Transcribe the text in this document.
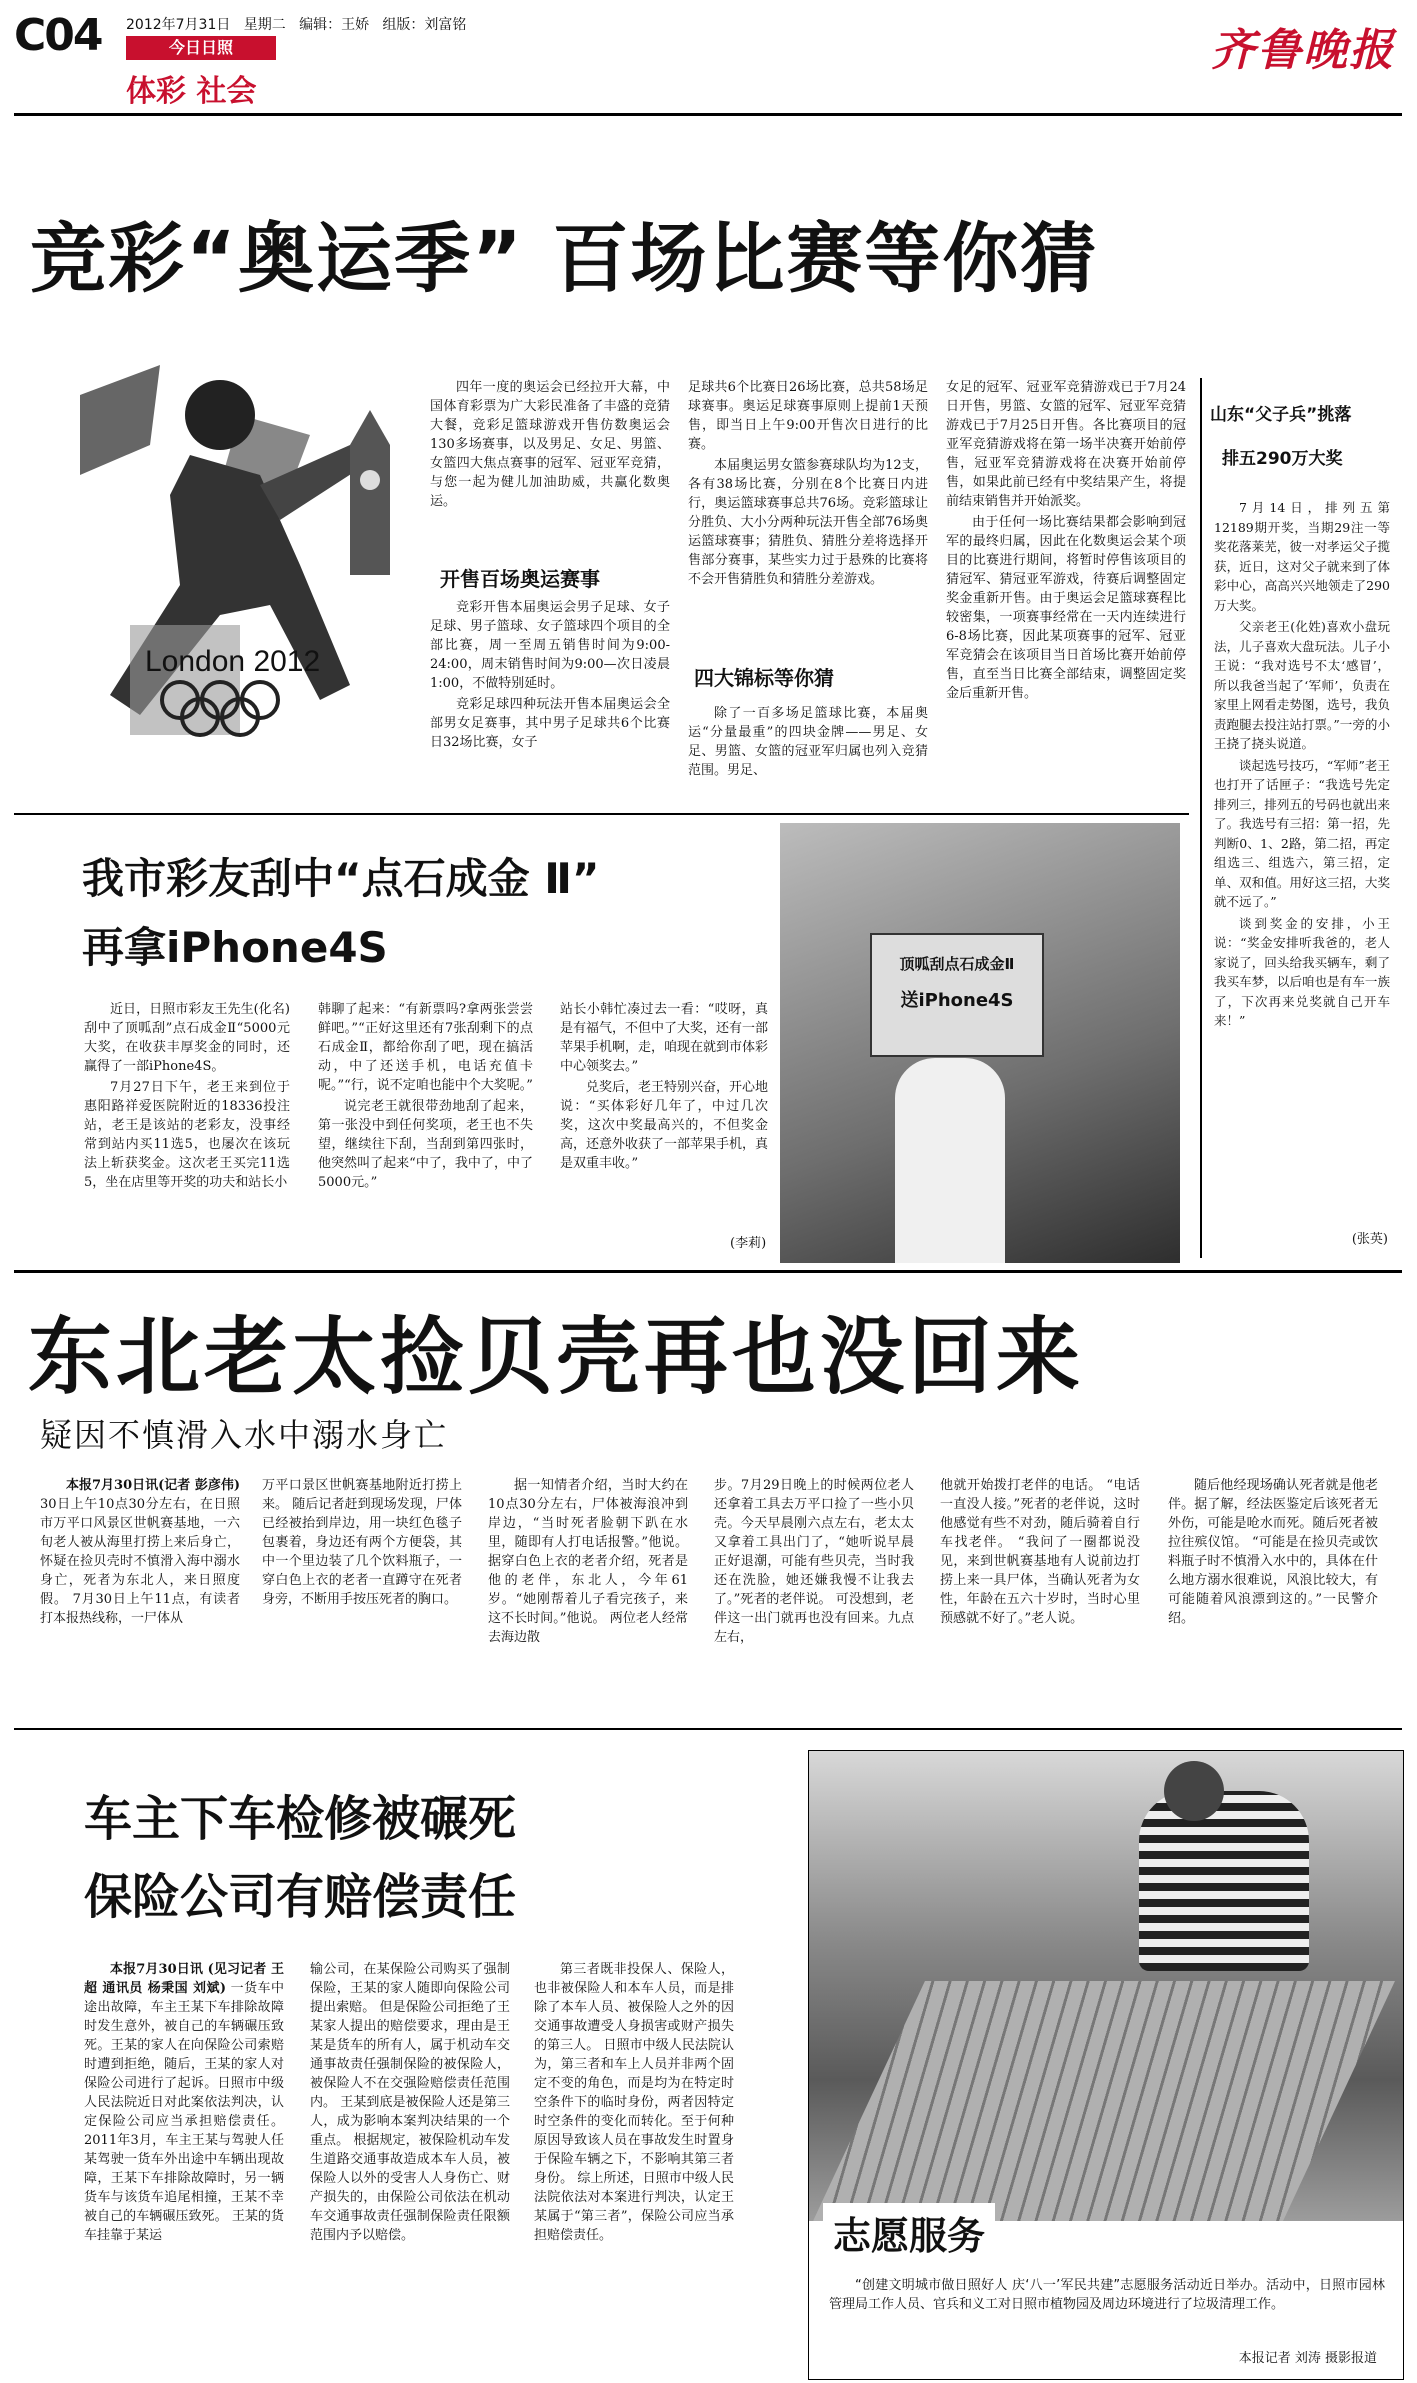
C04 2012年7月31日 星期二 编辑：王娇 组版：刘富铭
今日日照
体彩 社会
齐鲁晚报
竞彩“奥运季” 百场比赛等你猜
London 2012

四年一度的奥运会已经拉开大幕，中国体育彩票为广大彩民准备了丰盛的竞猜大餐，竞彩足篮球游戏开售仿数奥运会130多场赛事，以及男足、女足、男篮、女篮四大焦点赛事的冠军、冠亚军竞猜，与您一起为健儿加油助威，共赢化数奥运。

开售百场奥运赛事

竞彩开售本届奥运会男子足球、女子足球、男子篮球、女子篮球四个项目的全部比赛，周一至周五销售时间为9:00-24:00，周末销售时间为9:00—次日凌晨1:00，不做特别延时。

竞彩足球四种玩法开售本届奥运会全部男女足赛事，其中男子足球共6个比赛日32场比赛，女子

足球共6个比赛日26场比赛，总共58场足球赛事。奥运足球赛事原则上提前1天预售，即当日上午9:00开售次日进行的比赛。

本届奥运男女篮参赛球队均为12支，各有38场比赛，分别在8个比赛日内进行，奥运篮球赛事总共76场。竞彩篮球让分胜负、大小分两种玩法开售全部76场奥运篮球赛事；猜胜负、猜胜分差将选择开售部分赛事，某些实力过于悬殊的比赛将不会开售猜胜负和猜胜分差游戏。

四大锦标等你猜

除了一百多场足篮球比赛，本届奥运“分量最重”的四块金牌——男足、女足、男篮、女篮的冠亚军归属也列入竞猜范围。男足、

女足的冠军、冠亚军竞猜游戏已于7月24日开售，男篮、女篮的冠军、冠亚军竞猜游戏已于7月25日开售。各比赛项目的冠亚军竞猜游戏将在第一场半决赛开始前停售，冠亚军竞猜游戏将在决赛开始前停售，如果此前已经有中奖结果产生，将提前结束销售并开始派奖。

由于任何一场比赛结果都会影响到冠军的最终归属，因此在化数奥运会某个项目的比赛进行期间，将暂时停售该项目的猜冠军、猜冠亚军游戏，待赛后调整固定奖金重新开售。由于奥运会足篮球赛程比较密集，一项赛事经常在一天内连续进行6-8场比赛，因此某项赛事的冠军、冠亚军竞猜会在该项目当日首场比赛开始前停售，直至当日比赛全部结束，调整固定奖金后重新开售。

山东“父子兵”挑落
排五290万大奖

7月14日，排列五第12189期开奖，当期29注一等奖花落莱芜，彼一对孝运父子揽获，近日，这对父子就来到了体彩中心，高高兴兴地领走了290万大奖。

父亲老王(化姓)喜欢小盘玩法，儿子喜欢大盘玩法。儿子小王说：“我对选号不太‘感冒’，所以我爸当起了‘军师’，负责在家里上网看走势图，选号，我负责跑腿去投注站打票。”一旁的小王挠了挠头说道。

谈起选号技巧，“军师”老王也打开了话匣子：“我选号先定排列三，排列五的号码也就出来了。我选号有三招：第一招，先判断0、1、2路，第二招，再定组选三、组选六，第三招，定单、双和值。用好这三招，大奖就不远了。”

谈到奖金的安排，小王说：“奖金安排听我爸的，老人家说了，回头给我买辆车，剩了我买车梦，以后咱也是有车一族了，下次再来兑奖就自己开车来！”

(张英)
我市彩友刮中“点石成金 Ⅱ”
再拿iPhone4S	顶呱刮点石成金Ⅱ
送iPhone4S

近日，日照市彩友王先生(化名)刮中了顶呱刮”点石成金Ⅱ“5000元大奖，在收获丰厚奖金的同时，还赢得了一部iPhone4S。

7月27日下午，老王来到位于惠阳路祥爱医院附近的18336投注站，老王是该站的老彩友，没事经常到站内买11选5，也屡次在该玩法上斩获奖金。这次老王买完11选5，坐在店里等开奖的功夫和站长小

韩聊了起来：“有新票吗?拿两张尝尝鲜吧。”“正好这里还有7张刮剩下的点石成金Ⅱ，都给你刮了吧，现在搞活动，中了还送手机，电话充值卡呢。”“行，说不定咱也能中个大奖呢。”

说完老王就很带劲地刮了起来，第一张没中到任何奖项，老王也不失望，继续往下刮，当刮到第四张时，他突然叫了起来“中了，我中了，中了5000元。”

站长小韩忙凑过去一看：“哎呀，真是有福气，不但中了大奖，还有一部苹果手机啊，走，咱现在就到市体彩中心领奖去。”

兑奖后，老王特别兴奋，开心地说：“买体彩好几年了，中过几次奖，这次中奖最高兴的，不但奖金高，还意外收获了一部苹果手机，真是双重丰收。”

(李莉)
东北老太捡贝壳再也没回来
疑因不慎滑入水中溺水身亡

本报7月30日讯(记者 彭彦伟) 30日上午10点30分左右，在日照市万平口风景区世帆赛基地，一六旬老人被从海里打捞上来后身亡，怀疑在捡贝壳时不慎滑入海中溺水身亡，死者为东北人，来日照度假。 7月30日上午11点，有读者打本报热线称，一尸体从

万平口景区世帆赛基地附近打捞上来。 随后记者赶到现场发现，尸体已经被抬到岸边，用一块红色毯子包裹着，身边还有两个方便袋，其中一个里边装了几个饮料瓶子，一穿白色上衣的老者一直蹲守在死者身旁，不断用手按压死者的胸口。

据一知情者介绍，当时大约在10点30分左右，尸体被海浪冲到岸边，“当时死者脸朝下趴在水里，随即有人打电话报警。”他说。 据穿白色上衣的老者介绍，死者是他的老伴，东北人，今年61岁。“她刚帮着儿子看完孩子，来这不长时间。”他说。 两位老人经常去海边散

步。7月29日晚上的时候两位老人还拿着工具去万平口捡了一些小贝壳。今天早晨刚六点左右，老太太又拿着工具出门了，“她听说早晨正好退潮，可能有些贝壳，当时我还在洗脸，她还嫌我慢不让我去了。”死者的老伴说。 可没想到，老伴这一出门就再也没有回来。九点左右，

他就开始拨打老伴的电话。 “电话一直没人接。”死者的老伴说，这时他感觉有些不对劲，随后骑着自行车找老伴。 “我问了一圈都说没见，来到世帆赛基地有人说前边打捞上来一具尸体，当确认死者为女性，年龄在五六十岁时，当时心里预感就不好了。”老人说。

随后他经现场确认死者就是他老伴。据了解，经法医鉴定后该死者无外伤，可能是呛水而死。随后死者被拉往殡仪馆。 “可能是在捡贝壳或饮料瓶子时不慎滑入水中的，具体在什么地方溺水很难说，风浪比较大，有可能随着风浪漂到这的。”一民警介绍。

车主下车检修被碾死
保险公司有赔偿责任

本报7月30日讯 (见习记者 王超 通讯员 杨秉国 刘斌) 一货车中途出故障，车主王某下车排除故障时发生意外，被自己的车辆碾压致死。王某的家人在向保险公司索赔时遭到拒绝，随后，王某的家人对保险公司进行了起诉。日照市中级人民法院近日对此案依法判决，认定保险公司应当承担赔偿责任。 2011年3月，车主王某与驾驶人任某驾驶一货车外出途中车辆出现故障，王某下车排除故障时，另一辆货车与该货车追尾相撞，王某不幸被自己的车辆碾压致死。 王某的货车挂靠于某运

输公司，在某保险公司购买了强制保险，王某的家人随即向保险公司提出索赔。 但是保险公司拒绝了王某家人提出的赔偿要求，理由是王某是货车的所有人，属于机动车交通事故责任强制保险的被保险人，被保险人不在交强险赔偿责任范围内。 王某到底是被保险人还是第三人，成为影响本案判决结果的一个重点。 根据规定，被保险机动车发生道路交通事故造成本车人员，被保险人以外的受害人人身伤亡、财产损失的，由保险公司依法在机动车交通事故责任强制保险责任限额范围内予以赔偿。

第三者既非投保人、保险人，也非被保险人和本车人员，而是排除了本车人员、被保险人之外的因交通事故遭受人身损害或财产损失的第三人。 日照市中级人民法院认为，第三者和车上人员并非两个固定不变的角色，而是均为在特定时空条件下的临时身份，两者因特定时空条件的变化而转化。至于何种原因导致该人员在事故发生时置身于保险车辆之下，不影响其第三者身份。 综上所述，日照市中级人民法院依法对本案进行判决，认定王某属于“第三者”，保险公司应当承担赔偿责任。	志愿服务

“创建文明城市做日照好人 庆‘八一’军民共建”志愿服务活动近日举办。活动中，日照市园林管理局工作人员、官兵和义工对日照市植物园及周边环境进行了垃圾清理工作。

本报记者 刘涛 摄影报道
